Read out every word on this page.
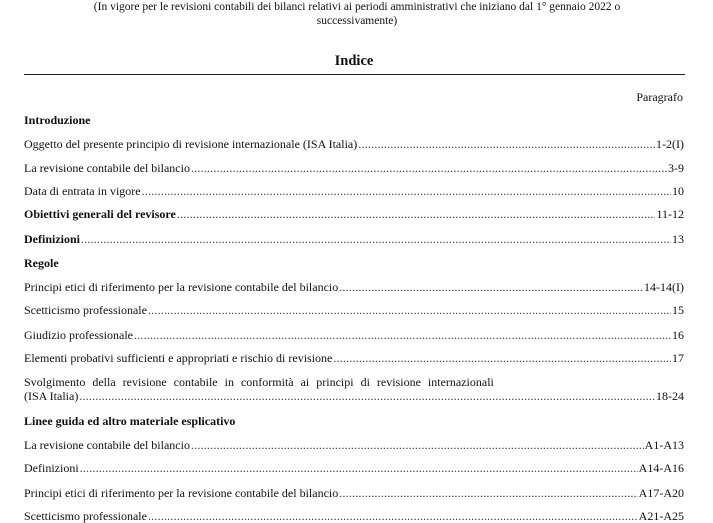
(In vigore per le revisioni contabili dei bilanci relativi ai periodi amministrativi che iniziano dal 1° gennaio 2022 o
successivamente)
Indice
Paragrafo
Introduzione
Oggetto del presente principio di revisione internazionale (ISA Italia) .....	1-2(I)
La revisione contabile del bilancio .....	3-9
Data di entrata in vigore .....	10
Obiettivi generali del revisore .....	11-12
Definizioni .....	13
Regole
Principi etici di riferimento per la revisione contabile del bilancio .....	14-14(I)
Scetticismo professionale .....	15
Giudizio professionale .....	16
Elementi probativi sufficienti e appropriati e rischio di revisione .....	17
Svolgimento della revisione contabile in conformità ai principi di revisione internazionali
(ISA Italia) .....	18-24
Linee guida ed altro materiale esplicativo
La revisione contabile del bilancio .....	A1-A13
Definizioni .....	A14-A16
Principi etici di riferimento per la revisione contabile del bilancio .....	A17-A20
Scetticismo professionale .....	A21-A25
